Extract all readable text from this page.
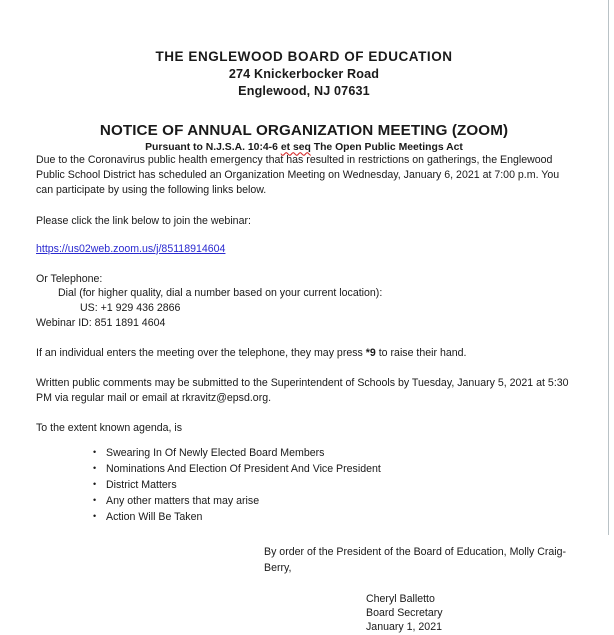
THE ENGLEWOOD BOARD OF EDUCATION
274 Knickerbocker Road
Englewood, NJ 07631
NOTICE OF ANNUAL ORGANIZATION MEETING (ZOOM)
Pursuant to N.J.S.A. 10:4-6 et seq The Open Public Meetings Act

Due to the Coronavirus public health emergency that has resulted in restrictions on gatherings, the Englewood Public School District has scheduled an Organization Meeting on Wednesday, January 6, 2021 at 7:00 p.m. You can participate by using the following links below.

Please click the link below to join the webinar:

https://us02web.zoom.us/j/85118914604

Or Telephone:
Dial (for higher quality, dial a number based on your current location):
US: +1 929 436 2866
Webinar ID: 851 1891 4604

If an individual enters the meeting over the telephone, they may press *9 to raise their hand.

Written public comments may be submitted to the Superintendent of Schools by Tuesday, January 5, 2021 at 5:30 PM via regular mail or email at rkravitz@epsd.org.

To the extent known agenda, is

• Swearing In Of Newly Elected Board Members
• Nominations And Election Of President And Vice President
• District Matters
• Any other matters that may arise
• Action Will Be Taken
By order of the President of the Board of Education, Molly Craig-Berry,
Cheryl Balletto
Board Secretary
January 1, 2021
